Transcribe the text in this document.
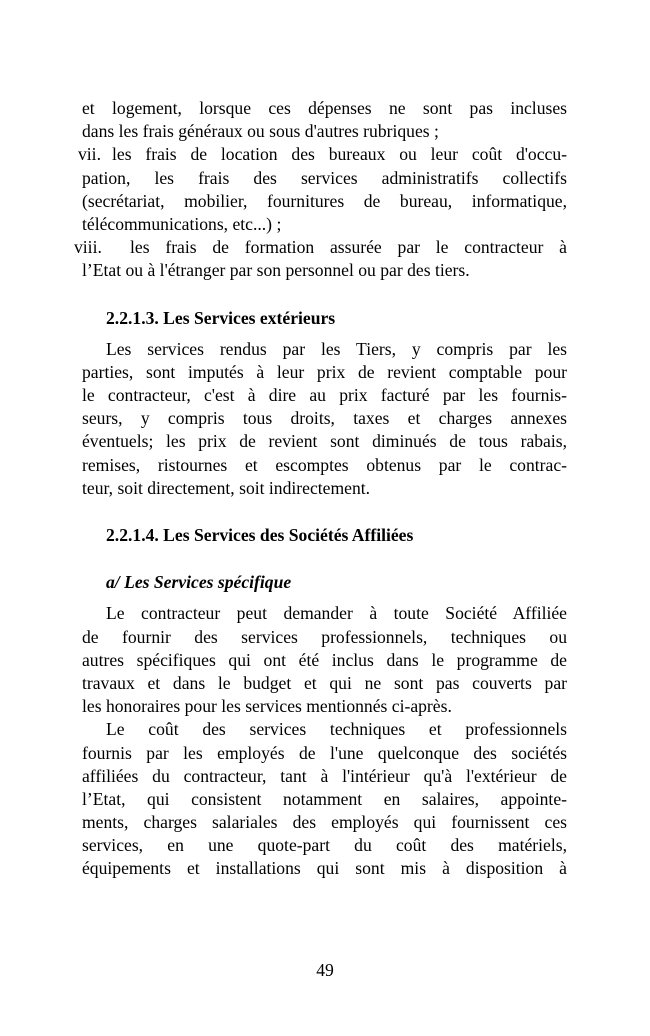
et logement, lorsque ces dépenses ne sont pas incluses
dans les frais généraux ou sous d'autres rubriques ;
vii. les frais de location des bureaux ou leur coût d'occu-
pation, les frais des services administratifs collectifs
(secrétariat, mobilier, fournitures de bureau, informatique,
télécommunications, etc...) ;
viii.	les frais de formation assurée par le contracteur à
l’Etat ou à l'étranger par son personnel ou par des tiers.
2.2.1.3. Les Services extérieurs
Les services rendus par les Tiers, y compris par les
parties, sont imputés à leur prix de revient comptable pour
le contracteur, c'est à dire au prix facturé par les fournis-
seurs, y compris tous droits, taxes et charges annexes
éventuels; les prix de revient sont diminués de tous rabais,
remises, ristournes et escomptes obtenus par le contrac-
teur, soit directement, soit indirectement.
2.2.1.4. Les Services des Sociétés Affiliées
a/ Les Services spécifique
Le contracteur peut demander à toute Société Affiliée
de fournir des services professionnels, techniques ou
autres spécifiques qui ont été inclus dans le programme de
travaux et dans le budget et qui ne sont pas couverts par
les honoraires pour les services mentionnés ci-après.
Le coût des services techniques et professionnels
fournis par les employés de l'une quelconque des sociétés
affiliées du contracteur, tant à l'intérieur qu'à l'extérieur de
l’Etat, qui consistent notamment en salaires, appointe-
ments, charges salariales des employés qui fournissent ces
services, en une quote-part du coût des matériels,
équipements et installations qui sont mis à disposition à
49
